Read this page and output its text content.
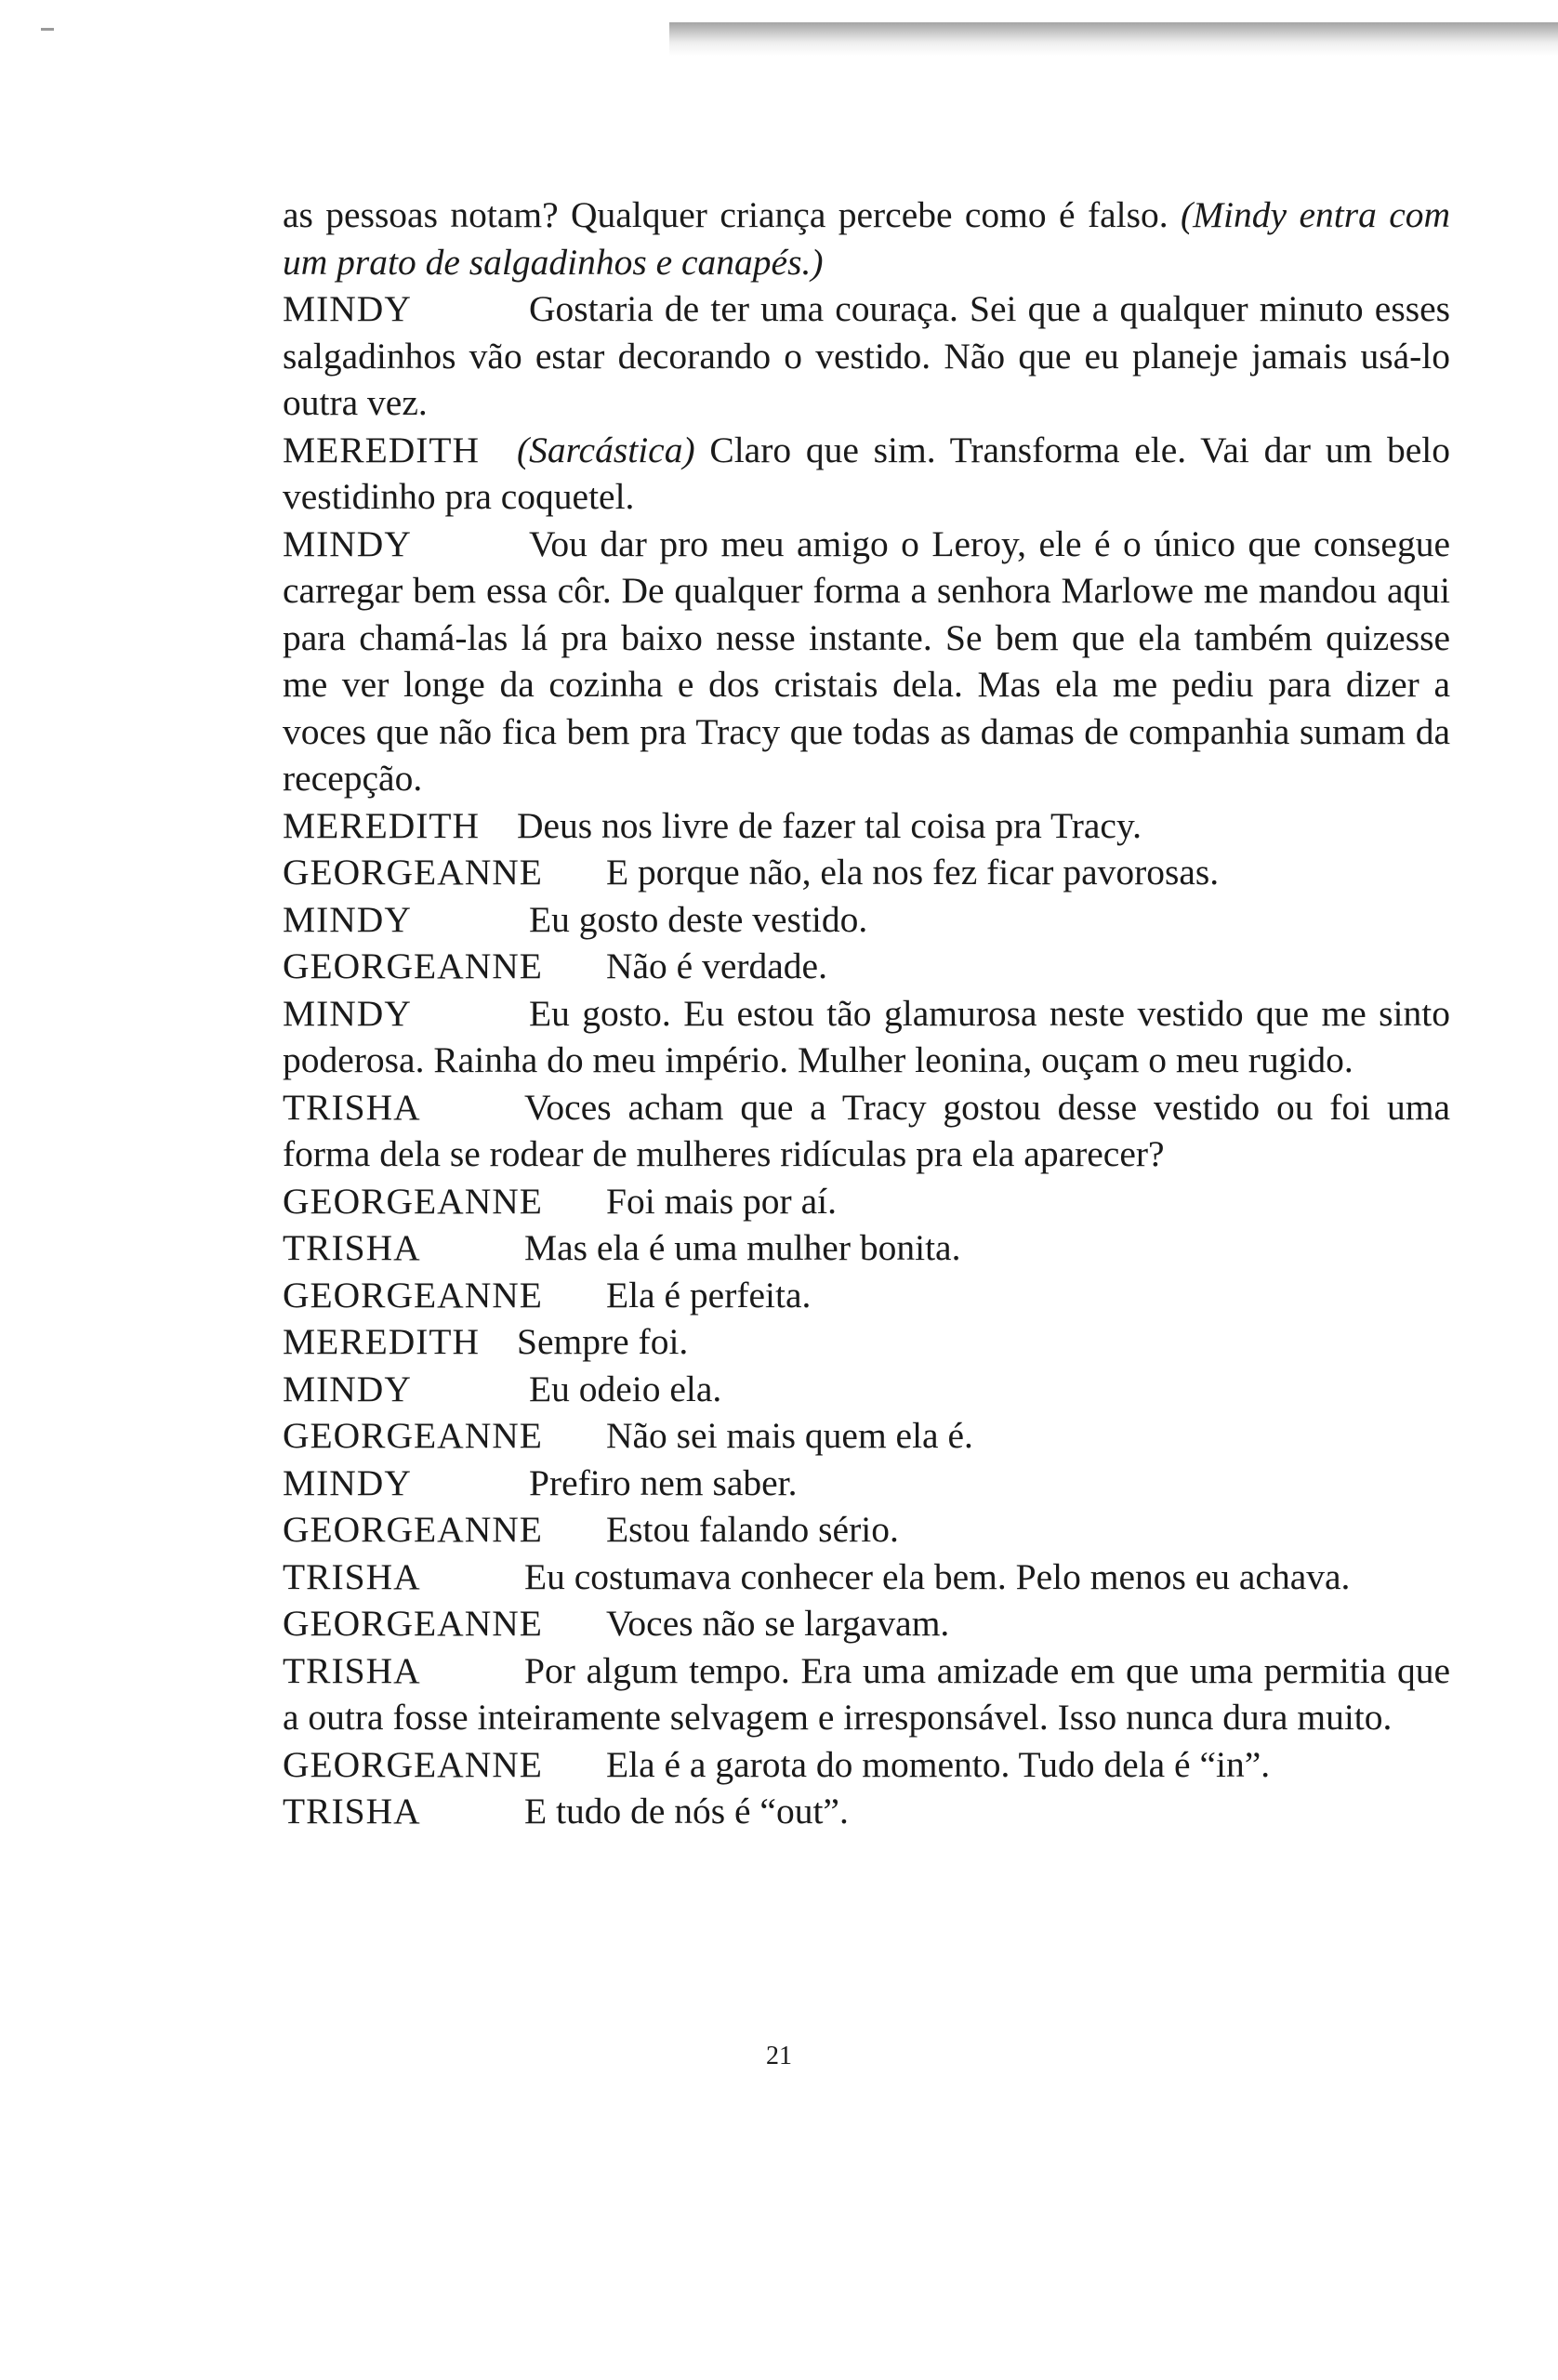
as pessoas notam? Qualquer criança percebe como é falso. (Mindy entra com um prato de salgadinhos e canapés.)

MINDY	Gostaria de ter uma couraça. Sei que a qualquer minuto esses salgadinhos vão estar decorando o vestido. Não que eu planeje jamais usá-lo outra vez.

MEREDITH (Sarcástica) Claro que sim. Transforma ele. Vai dar um belo vestidinho pra coquetel.

MINDY	Vou dar pro meu amigo o Leroy, ele é o único que consegue carregar bem essa côr. De qualquer forma a senhora Marlowe me mandou aqui para chamá-las lá pra baixo nesse instante. Se bem que ela também quizesse me ver longe da cozinha e dos cristais dela. Mas ela me pediu para dizer a voces que não fica bem pra Tracy que todas as damas de companhia sumam da recepção.

MEREDITH Deus nos livre de fazer tal coisa pra Tracy.

GEORGEANNE E porque não, ela nos fez ficar pavorosas.

MINDY	Eu gosto deste vestido.

GEORGEANNE Não é verdade.

MINDY	Eu gosto. Eu estou tão glamurosa neste vestido que me sinto poderosa. Rainha do meu império. Mulher leonina, ouçam o meu rugido.

TRISHA	Voces acham que a Tracy gostou desse vestido ou foi uma forma dela se rodear de mulheres ridículas pra ela aparecer?

GEORGEANNE Foi mais por aí.

TRISHA	Mas ela é uma mulher bonita.

GEORGEANNE Ela é perfeita.

MEREDITH Sempre foi.

MINDY	Eu odeio ela.

GEORGEANNE Não sei mais quem ela é.

MINDY	Prefiro nem saber.

GEORGEANNE Estou falando sério.

TRISHA	Eu costumava conhecer ela bem. Pelo menos eu achava.

GEORGEANNE Voces não se largavam.

TRISHA	Por algum tempo. Era uma amizade em que uma permitia que a outra fosse inteiramente selvagem e irresponsável. Isso nunca dura muito.

GEORGEANNE Ela é a garota do momento. Tudo dela é “in”.

TRISHA	E tudo de nós é “out”.

21
